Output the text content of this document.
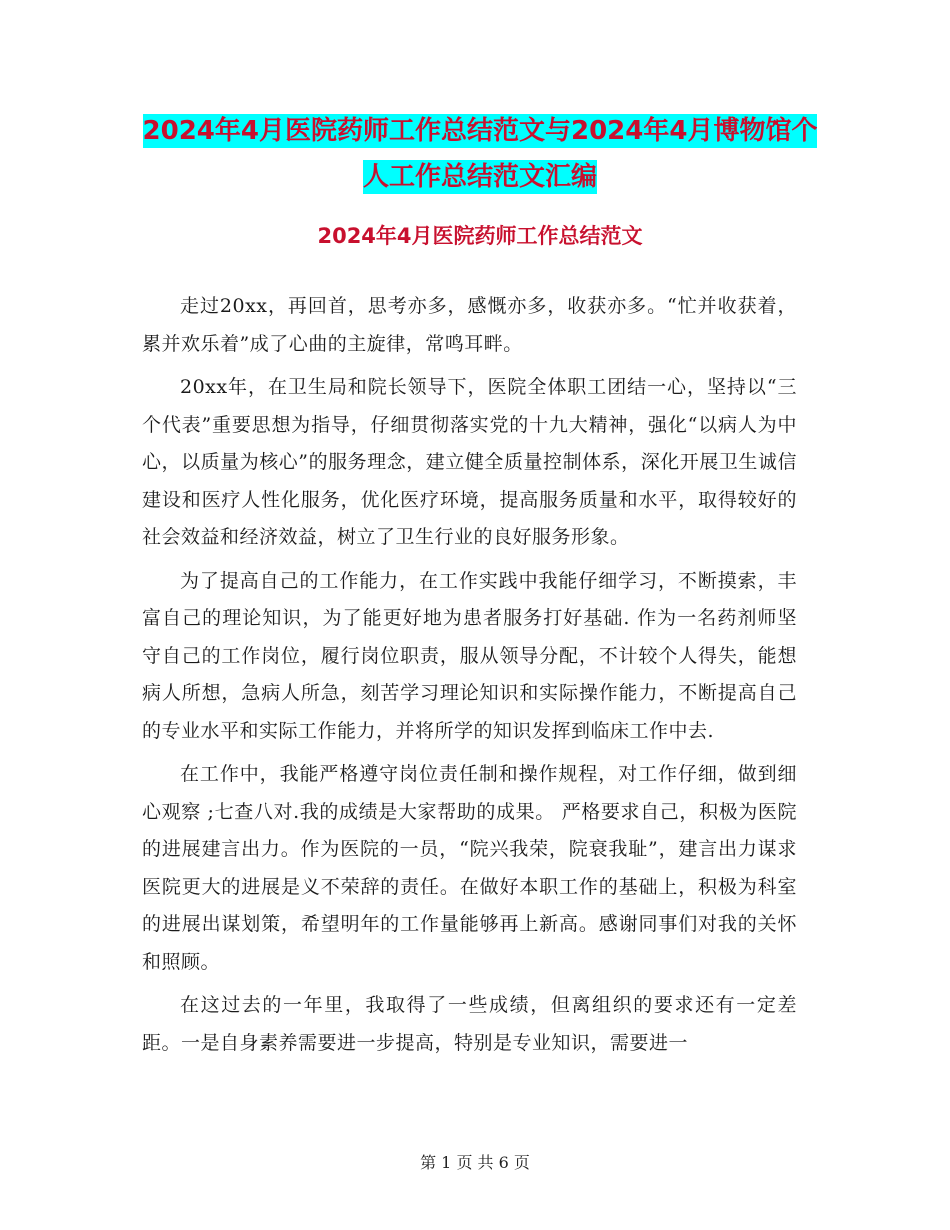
2024年4月医院药师工作总结范文与2024年4月博物馆个人工作总结范文汇编
2024年4月医院药师工作总结范文

走过20xx，再回首，思考亦多，感慨亦多，收获亦多。“忙并收获着，累并欢乐着”成了心曲的主旋律，常鸣耳畔。

20xx年，在卫生局和院长领导下，医院全体职工团结一心，坚持以“三个代表”重要思想为指导，仔细贯彻落实党的十九大精神，强化“以病人为中心，以质量为核心”的服务理念，建立健全质量控制体系，深化开展卫生诚信建设和医疗人性化服务，优化医疗环境，提高服务质量和水平，取得较好的社会效益和经济效益，树立了卫生行业的良好服务形象。

为了提高自己的工作能力，在工作实践中我能仔细学习，不断摸索，丰富自己的理论知识，为了能更好地为患者服务打好基础. 作为一名药剂师坚守自己的工作岗位，履行岗位职责，服从领导分配，不计较个人得失，能想病人所想，急病人所急，刻苦学习理论知识和实际操作能力，不断提高自己的专业水平和实际工作能力，并将所学的知识发挥到临床工作中去.

在工作中，我能严格遵守岗位责任制和操作规程，对工作仔细，做到细心观察 ;七查八对.我的成绩是大家帮助的成果。 严格要求自己，积极为医院的进展建言出力。作为医院的一员，“院兴我荣，院衰我耻”，建言出力谋求医院更大的进展是义不荣辞的责任。在做好本职工作的基础上，积极为科室的进展出谋划策，希望明年的工作量能够再上新高。感谢同事们对我的关怀和照顾。

在这过去的一年里，我取得了一些成绩，但离组织的要求还有一定差距。一是自身素养需要进一步提高，特别是专业知识，需要进一

第 1 页 共 6 页
